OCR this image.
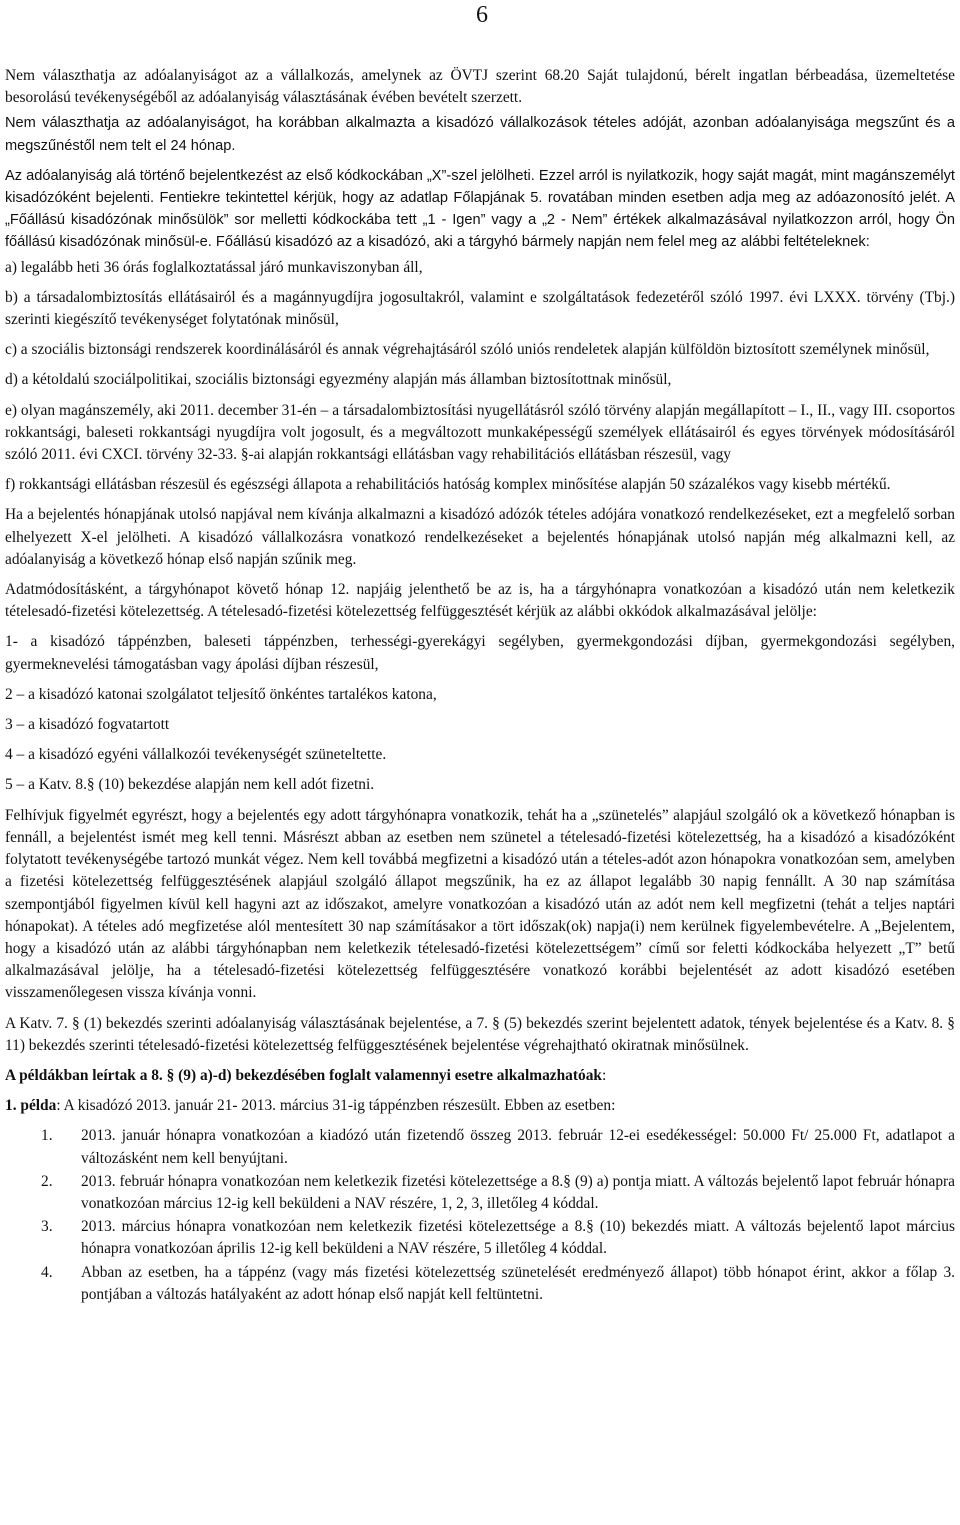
6

Nem választhatja az adóalanyiságot az a vállalkozás, amelynek az ÖVTJ szerint 68.20 Saját tulajdonú, bérelt ingatlan bérbeadása, üzemeltetése besorolású tevékenységéből az adóalanyiság választásának évében bevételt szerzett.

Nem választhatja az adóalanyiságot, ha korábban alkalmazta a kisadózó vállalkozások tételes adóját, azonban adóalanyisága megszűnt és a megszűnéstől nem telt el 24 hónap.

Az adóalanyiság alá történő bejelentkezést az első kódkockában „X”-szel jelölheti. Ezzel arról is nyilatkozik, hogy saját magát, mint magánszemélyt kisadózóként bejelenti. Fentiekre tekintettel kérjük, hogy az adatlap Főlapjának 5. rovatában minden esetben adja meg az adóazonosító jelét. A „Főállású kisadózónak minősülök” sor melletti kódkockába tett „1 - Igen” vagy a „2 - Nem” értékek alkalmazásával nyilatkozzon arról, hogy Ön főállású kisadózónak minősül-e. Főállású kisadózó az a kisadózó, aki a tárgyhó bármely napján nem felel meg az alábbi feltételeknek:

a) legalább heti 36 órás foglalkoztatással járó munkaviszonyban áll,

b) a társadalombiztosítás ellátásairól és a magánnyugdíjra jogosultakról, valamint e szolgáltatások fedezetéről szóló 1997. évi LXXX. törvény (Tbj.) szerinti kiegészítő tevékenységet folytatónak minősül,

c) a szociális biztonsági rendszerek koordinálásáról és annak végrehajtásáról szóló uniós rendeletek alapján külföldön biztosított személynek minősül,

d) a kétoldalú szociálpolitikai, szociális biztonsági egyezmény alapján más államban biztosítottnak minősül,

e) olyan magánszemély, aki 2011. december 31-én – a társadalombiztosítási nyugellátásról szóló törvény alapján megállapított – I., II., vagy III. csoportos rokkantsági, baleseti rokkantsági nyugdíjra volt jogosult, és a megváltozott munkaképességű személyek ellátásairól és egyes törvények módosításáról szóló 2011. évi CXCI. törvény 32-33. §-ai alapján rokkantsági ellátásban vagy rehabilitációs ellátásban részesül, vagy

f) rokkantsági ellátásban részesül és egészségi állapota a rehabilitációs hatóság komplex minősítése alapján 50 százalékos vagy kisebb mértékű.

Ha a bejelentés hónapjának utolsó napjával nem kívánja alkalmazni a kisadózó adózók tételes adójára vonatkozó rendelkezéseket, ezt a megfelelő sorban elhelyezett X-el jelölheti. A kisadózó vállalkozásra vonatkozó rendelkezéseket a bejelentés hónapjának utolsó napján még alkalmazni kell, az adóalanyiság a következő hónap első napján szűnik meg.

Adatmódosításként, a tárgyhónapot követő hónap 12. napjáig jelenthető be az is, ha a tárgyhónapra vonatkozóan a kisadózó után nem keletkezik tételesadó-fizetési kötelezettség. A tételesadó-fizetési kötelezettség felfüggesztését kérjük az alábbi okkódok alkalmazásával jelölje:

1- a kisadózó táppénzben, baleseti táppénzben, terhességi-gyerekágyi segélyben, gyermekgondozási díjban, gyermekgondozási segélyben, gyermeknevelési támogatásban vagy ápolási díjban részesül,

2 – a kisadózó katonai szolgálatot teljesítő önkéntes tartalékos katona,

3 – a kisadózó fogvatartott

4 – a kisadózó egyéni vállalkozói tevékenységét szüneteltette.

5 – a Katv. 8.§ (10) bekezdése alapján nem kell adót fizetni.

Felhívjuk figyelmét egyrészt, hogy a bejelentés egy adott tárgyhónapra vonatkozik, tehát ha a „szünetelés” alapjául szolgáló ok a következő hónapban is fennáll, a bejelentést ismét meg kell tenni. Másrészt abban az esetben nem szünetel a tételesadó-fizetési kötelezettség, ha a kisadózó a kisadózóként folytatott tevékenységébe tartozó munkát végez. Nem kell továbbá megfizetni a kisadózó után a tételes-adót azon hónapokra vonatkozóan sem, amelyben a fizetési kötelezettség felfüggesztésének alapjául szolgáló állapot megszűnik, ha ez az állapot legalább 30 napig fennállt. A 30 nap számítása szempontjából figyelmen kívül kell hagyni azt az időszakot, amelyre vonatkozóan a kisadózó után az adót nem kell megfizetni (tehát a teljes naptári hónapokat). A tételes adó megfizetése alól mentesített 30 nap számításakor a tört időszak(ok) napja(i) nem kerülnek figyelembevételre. A „Bejelentem, hogy a kisadózó után az alábbi tárgyhónapban nem keletkezik tételesadó-fizetési kötelezettségem” című sor feletti kódkockába helyezett „T” betű alkalmazásával jelölje, ha a tételesadó-fizetési kötelezettség felfüggesztésére vonatkozó korábbi bejelentését az adott kisadózó esetében visszamenőlegesen vissza kívánja vonni.

A Katv. 7. § (1) bekezdés szerinti adóalanyiság választásának bejelentése, a 7. § (5) bekezdés szerint bejelentett adatok, tények bejelentése és a Katv. 8. § 11) bekezdés szerinti tételesadó-fizetési kötelezettség felfüggesztésének bejelentése végrehajtható okiratnak minősülnek.

A példákban leírtak a 8. § (9) a)-d) bekezdésében foglalt valamennyi esetre alkalmazhatóak:

1. példa: A kisadózó 2013. január 21- 2013. március 31-ig táppénzben részesült. Ebben az esetben:

1. 2013. január hónapra vonatkozóan a kiadózó után fizetendő összeg 2013. február 12-ei esedékességel: 50.000 Ft/ 25.000 Ft, adatlapot a változásként nem kell benyújtani.
2. 2013. február hónapra vonatkozóan nem keletkezik fizetési kötelezettsége a 8.§ (9) a) pontja miatt. A változás bejelentő lapot február hónapra vonatkozóan március 12-ig kell beküldeni a NAV részére, 1, 2, 3, illetőleg 4 kóddal.
3. 2013. március hónapra vonatkozóan nem keletkezik fizetési kötelezettsége a 8.§ (10) bekezdés miatt. A változás bejelentő lapot március hónapra vonatkozóan április 12-ig kell beküldeni a NAV részére, 5 illetőleg 4 kóddal.
4. Abban az esetben, ha a táppénz (vagy más fizetési kötelezettség szünetelését eredményező állapot) több hónapot érint, akkor a főlap 3. pontjában a változás hatályaként az adott hónap első napját kell feltüntetni.
